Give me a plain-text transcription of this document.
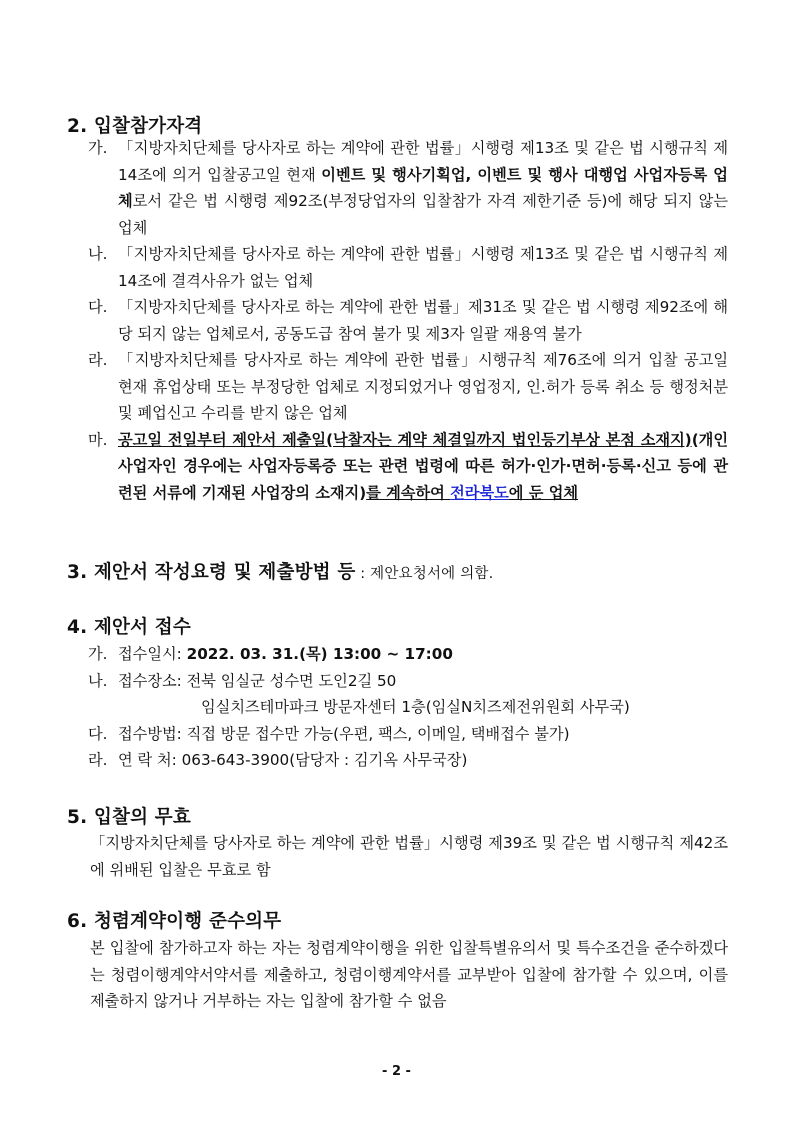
2. 입찰참가자격
가. 「지방자치단체를 당사자로 하는 계약에 관한 법률」시행령 제13조 및 같은 법 시행규칙 제14조에 의거 입찰공고일 현재 이벤트 및 행사기획업, 이벤트 및 행사 대행업 사업자등록 업체로서 같은 법 시행령 제92조(부정당업자의 입찰참가 자격 제한기준 등)에 해당 되지 않는 업체
나. 「지방자치단체를 당사자로 하는 계약에 관한 법률」시행령 제13조 및 같은 법 시행규칙 제14조에 결격사유가 없는 업체
다. 「지방자치단체를 당사자로 하는 계약에 관한 법률」제31조 및 같은 법 시행령 제92조에 해당 되지 않는 업체로서, 공동도급 참여 불가 및 제3자 일괄 재용역 불가
라. 「지방자치단체를 당사자로 하는 계약에 관한 법률」시행규칙 제76조에 의거 입찰 공고일 현재 휴업상태 또는 부정당한 업체로 지정되었거나 영업정지, 인.허가 등록 취소 등 행정처분 및 폐업신고 수리를 받지 않은 업체
마. 공고일 전일부터 제안서 제출일(낙찰자는 계약 체결일까지 법인등기부상 본점 소재지)(개인사업자인 경우에는 사업자등록증 또는 관련 법령에 따른 허가·인가·면허·등록·신고 등에 관련된 서류에 기재된 사업장의 소재지)를 계속하여 전라북도에 둔 업체
3. 제안서 작성요령 및 제출방법 등 : 제안요청서에 의함.
4. 제안서 접수
가. 접수일시: 2022. 03. 31.(목) 13:00 ~ 17:00
나. 접수장소: 전북 임실군 성수면 도인2길 50
임실치즈테마파크 방문자센터 1층(임실N치즈제전위원회 사무국)
다. 접수방법: 직접 방문 접수만 가능(우편, 팩스, 이메일, 택배접수 불가)
라. 연 락 처: 063-643-3900(담당자 : 김기옥 사무국장)
5. 입찰의 무효
「지방자치단체를 당사자로 하는 계약에 관한 법률」시행령 제39조 및 같은 법 시행규칙 제42조에 위배된 입찰은 무효로 함
6. 청렴계약이행 준수의무
본 입찰에 참가하고자 하는 자는 청렴계약이행을 위한 입찰특별유의서 및 특수조건을 준수하겠다는 청렴이행계약서약서를 제출하고, 청렴이행계약서를 교부받아 입찰에 참가할 수 있으며, 이를 제출하지 않거나 거부하는 자는 입찰에 참가할 수 없음
- 2 -
